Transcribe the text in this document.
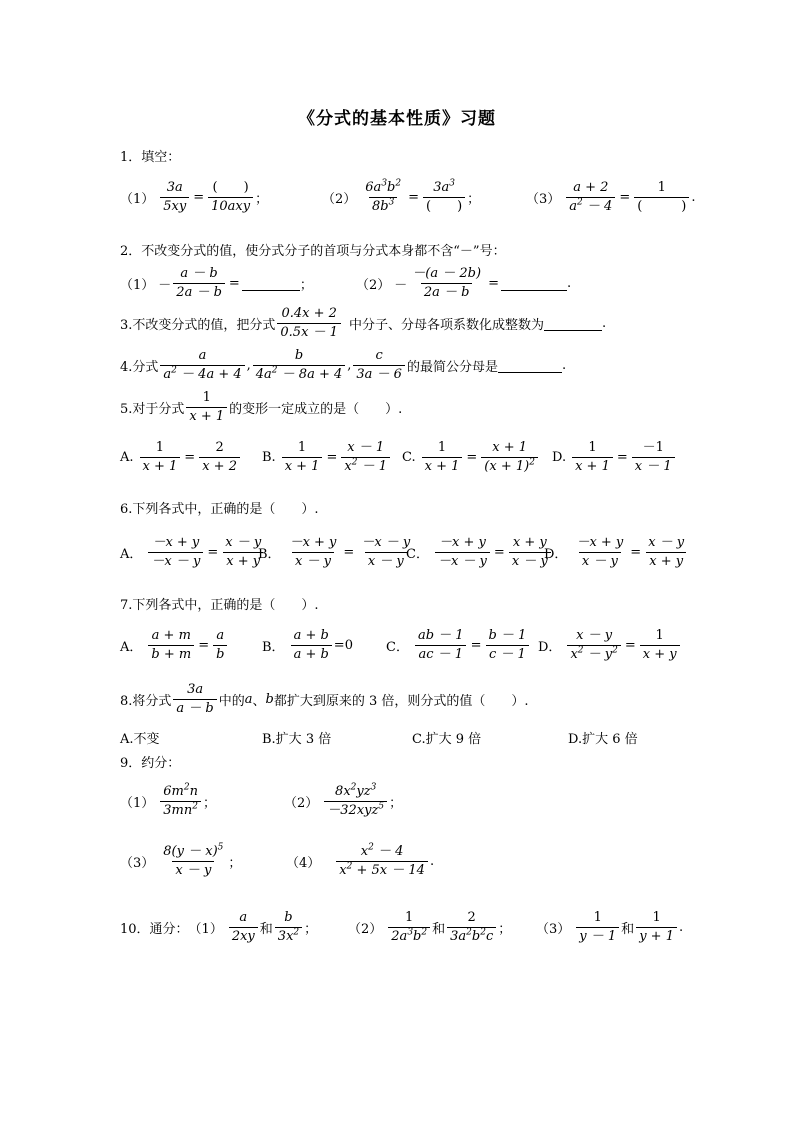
《分式的基本性质》习题
1．填空：
$(1) \frac{3a}{5xy} = \frac{( )}{\text{10axy}}$ ；	$(2) \frac{6a^3b^2}{8b^3} = \frac{3a^3}{( )}$ ；	$(3) \frac{a + 2}{a^2 - 4} = \frac{1}{( )}$ .
2．不改变分式的值，使分式分子的首项与分式本身都不含“－”号：
$(1) - \frac{a - b}{2a - b}$ =	；	$(2) - \frac{-(a - 2b)}{2a - b}$ =	.
3.不改变分式的值，把分式 $\frac{0.4x + 2}{0.5x - 1}$ 中分子、分母各项系数化成整数为	.
4.分式 $\frac{a}{a^2 - 4a + 4}$ , $\frac{b}{4a^2 - 8a + 4}$ , $\frac{c}{3a - 6}$ 的最简公分母是	.
5.对于分式 $\frac{1}{x + 1}$ 的变形一定成立的是（　　）.
A. $\frac{1}{x + 1} = \frac{2}{x + 2} B$. $\frac{1}{x + 1} = \frac{x - 1}{x^2 - 1} C$. $\frac{1}{x + 1} = \frac{x + 1}{(x + 1)^2} D$. $\frac{1}{x + 1} = \frac{-1}{x - 1}$
6.下列各式中，正确的是（　　）.
A． $\frac{-x + y}{-x - y} = \frac{x - y}{x + y}$
B． $\frac{-x + y}{x - y} = \frac{-x - y}{x - y}$
C． $\frac{-x + y}{-x - y} = \frac{x + y}{x - y}$
D． $\frac{-x + y}{x - y} = \frac{x - y}{x + y}$
7.下列各式中，正确的是（　　）.
A． $\frac{a + m}{b + m} = \frac{a}{b}$	B． $\frac{a + b}{a + b} =0$	C． $\frac{ab - 1}{ac - 1} = \frac{b - 1}{c - 1}$ D． $\frac{x - y}{x^2 - y^2} = \frac{1}{x + y}$
8.将分式 $\frac{3a}{a - b}$ 中的 a 、 b 都扩大到原来的 3 倍，则分式的值（　　）.
A.不变	B.扩大 3 倍	C.扩大 9 倍	D.扩大 6 倍
9．约分：
$(1) \frac{6m^2n}{3mn^2}$ ；	$(2) \frac{8x^2yz^3}{-32xyz^5}$ ；
$(3) \frac{8(y - x)^5}{x - y}$ ；	$(4) \frac{x^2 - 4}{x^2 + 5x - 14}$ .
10．通分： $(1) \frac{a}{2xy}$ 和 $\frac{b}{3x^2}$ ； $(2) \frac{1}{2a^3b^2}$ 和 $\frac{2}{3a^2b^2c}$ ； $(3) \frac{1}{y - 1}$ 和 $\frac{1}{y + 1}$ .
